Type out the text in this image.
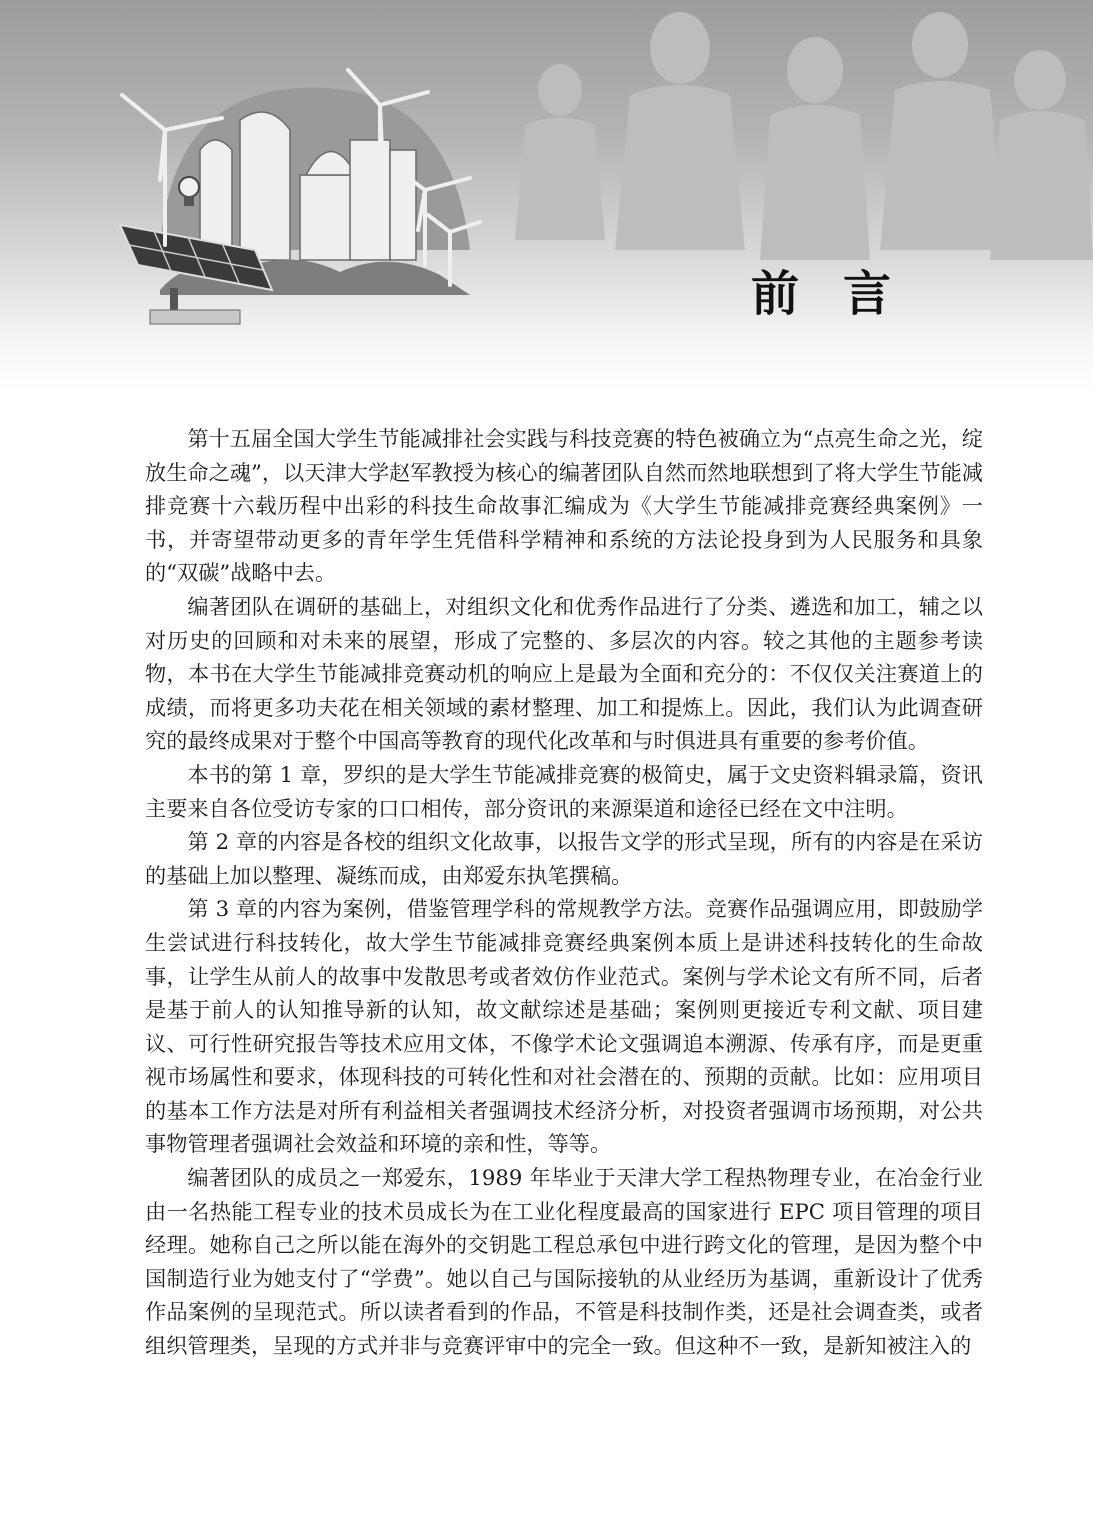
前言

第十五届全国大学生节能减排社会实践与科技竞赛的特色被确立为“点亮生命之光，绽放生命之魂”，以天津大学赵军教授为核心的编著团队自然而然地联想到了将大学生节能减排竞赛十六载历程中出彩的科技生命故事汇编成为《大学生节能减排竞赛经典案例》一书，并寄望带动更多的青年学生凭借科学精神和系统的方法论投身到为人民服务和具象的“双碳”战略中去。

编著团队在调研的基础上，对组织文化和优秀作品进行了分类、遴选和加工，辅之以对历史的回顾和对未来的展望，形成了完整的、多层次的内容。较之其他的主题参考读物，本书在大学生节能减排竞赛动机的响应上是最为全面和充分的：不仅仅关注赛道上的成绩，而将更多功夫花在相关领域的素材整理、加工和提炼上。因此，我们认为此调查研究的最终成果对于整个中国高等教育的现代化改革和与时俱进具有重要的参考价值。

本书的第 1 章，罗织的是大学生节能减排竞赛的极简史，属于文史资料辑录篇，资讯主要来自各位受访专家的口口相传，部分资讯的来源渠道和途径已经在文中注明。

第 2 章的内容是各校的组织文化故事，以报告文学的形式呈现，所有的内容是在采访的基础上加以整理、凝练而成，由郑爱东执笔撰稿。

第 3 章的内容为案例，借鉴管理学科的常规教学方法。竞赛作品强调应用，即鼓励学生尝试进行科技转化，故大学生节能减排竞赛经典案例本质上是讲述科技转化的生命故事，让学生从前人的故事中发散思考或者效仿作业范式。案例与学术论文有所不同，后者是基于前人的认知推导新的认知，故文献综述是基础；案例则更接近专利文献、项目建议、可行性研究报告等技术应用文体，不像学术论文强调追本溯源、传承有序，而是更重视市场属性和要求，体现科技的可转化性和对社会潜在的、预期的贡献。比如：应用项目的基本工作方法是对所有利益相关者强调技术经济分析，对投资者强调市场预期，对公共事物管理者强调社会效益和环境的亲和性，等等。

编著团队的成员之一郑爱东，1989 年毕业于天津大学工程热物理专业，在冶金行业由一名热能工程专业的技术员成长为在工业化程度最高的国家进行 EPC 项目管理的项目经理。她称自己之所以能在海外的交钥匙工程总承包中进行跨文化的管理，是因为整个中国制造行业为她支付了“学费”。她以自己与国际接轨的从业经历为基调，重新设计了优秀作品案例的呈现范式。所以读者看到的作品，不管是科技制作类，还是社会调查类，或者组织管理类，呈现的方式并非与竞赛评审中的完全一致。但这种不一致，是新知被注入的
